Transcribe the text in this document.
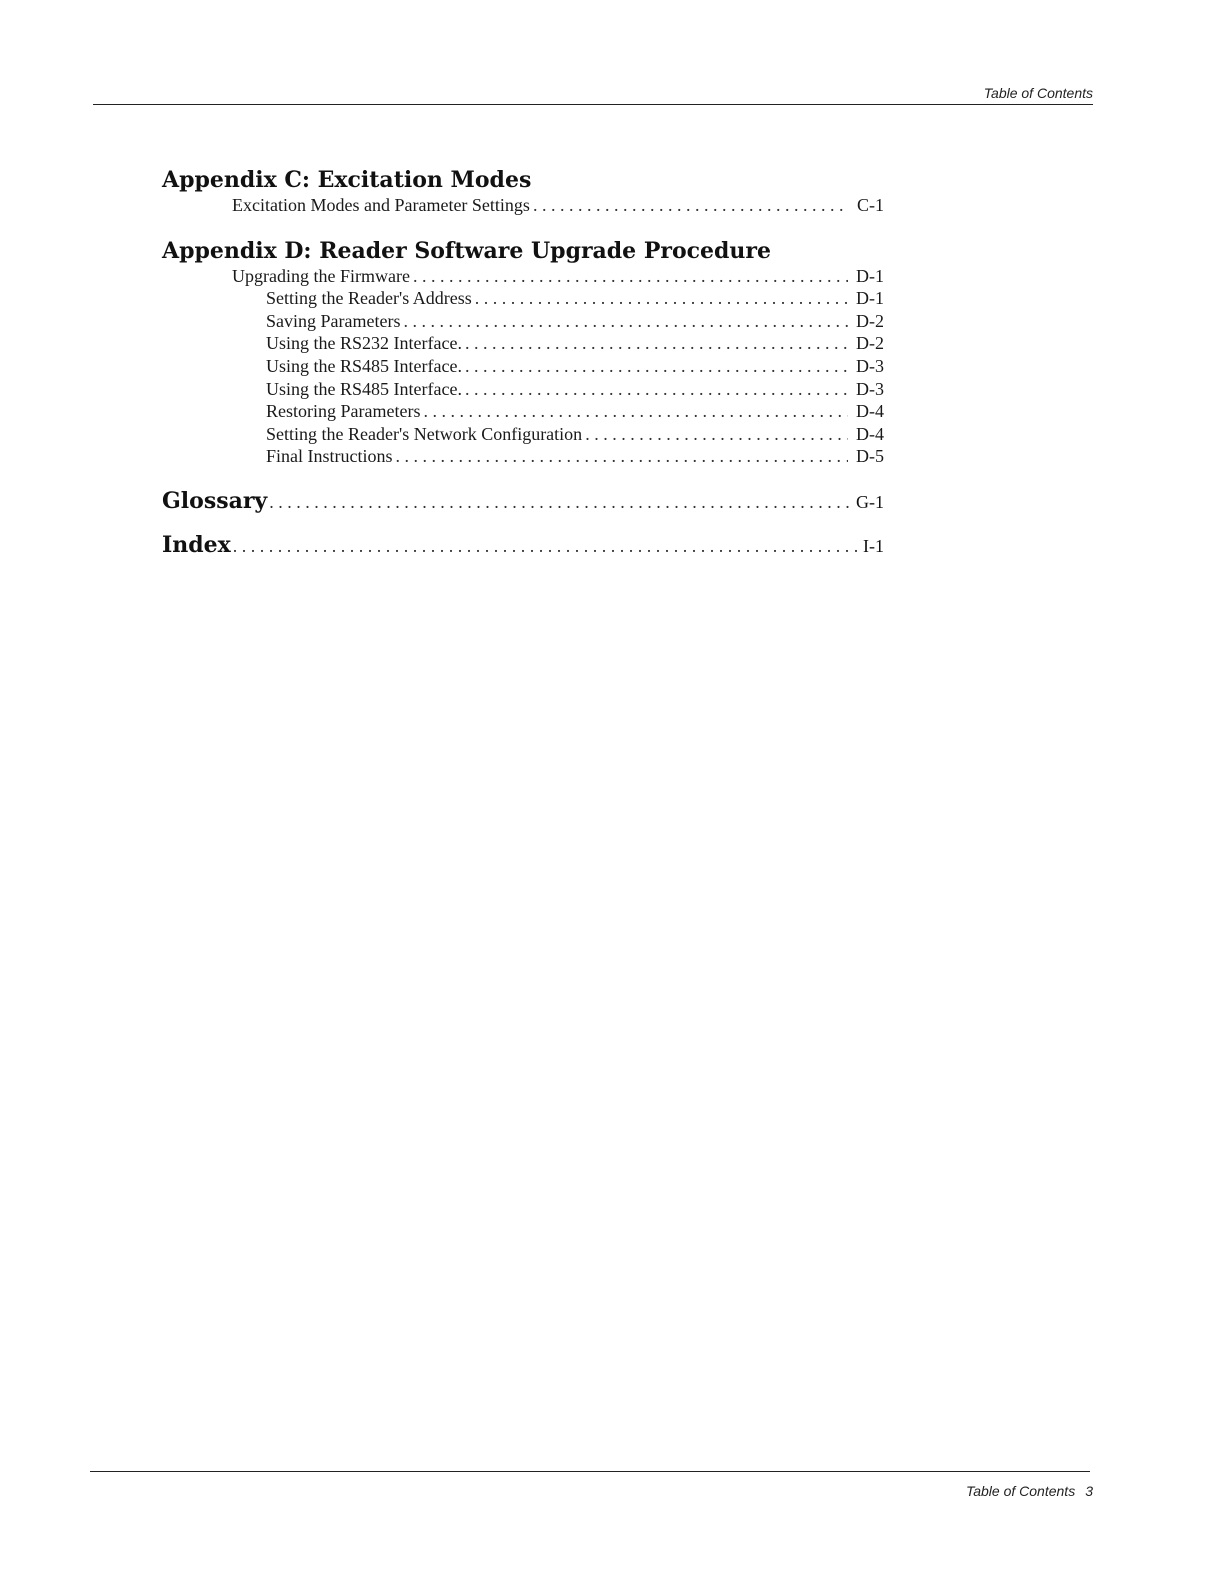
Table of Contents
Appendix C: Excitation Modes
Excitation Modes and Parameter Settings . . .	C-1
Appendix D: Reader Software Upgrade Procedure
Upgrading the Firmware . . .	D-1
Setting the Reader's Address . . .	D-1
Saving Parameters . . .	D-2
Using the RS232 Interface. . . .	D-2
Using the RS485 Interface. . . .	D-3
Using the RS485 Interface. . . .	D-3
Restoring Parameters . . .	D-4
Setting the Reader's Network Configuration . . .	D-4
Final Instructions . . .	D-5
Glossary . . .	G-1
Index . . .	I-1
Table of Contents 3
